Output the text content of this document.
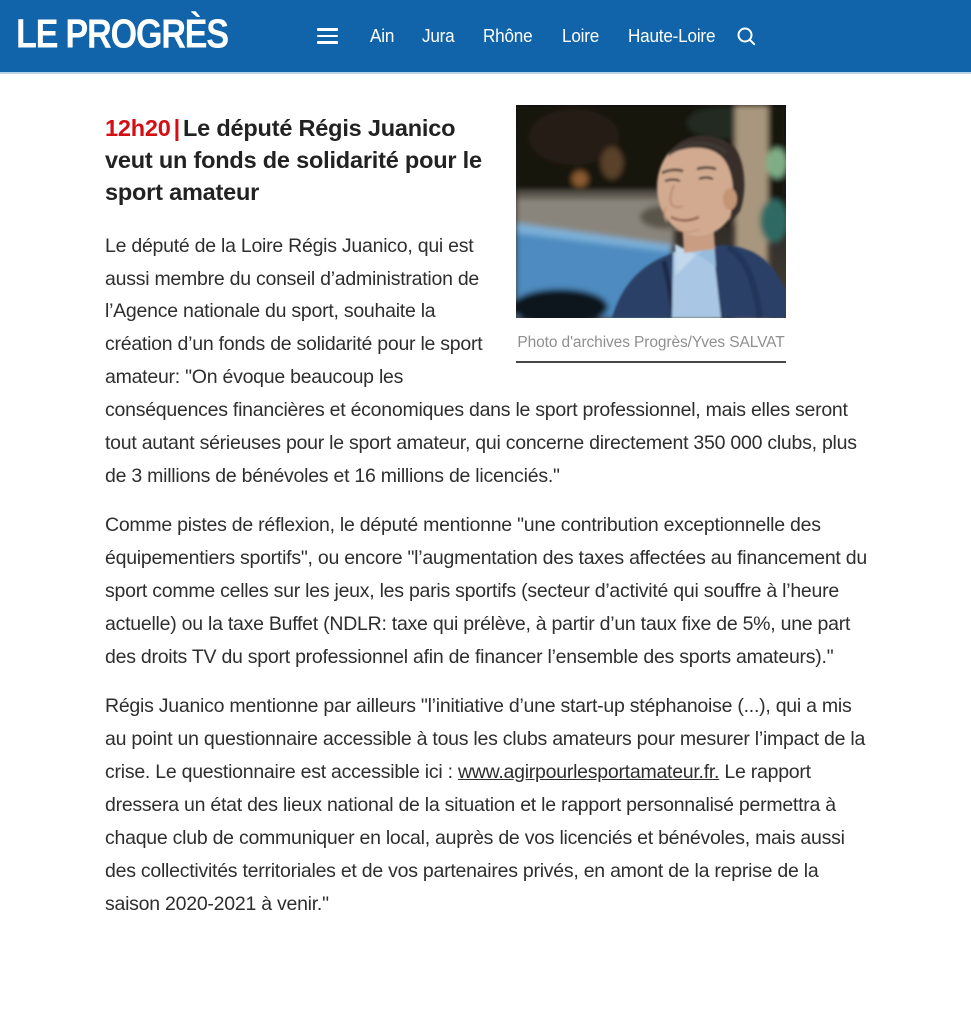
LE PROGRÈS	Ain Jura Rhône Loire Haute-Loire
Photo d'archives Progrès/Yves SALVAT
12h20 | Le député Régis Juanico veut un fonds de solidarité pour le sport amateur

Le député de la Loire Régis Juanico, qui est aussi membre du conseil d’administration de l’Agence nationale du sport, souhaite la création d’un fonds de solidarité pour le sport amateur: "On évoque beaucoup les conséquences financières et économiques dans le sport professionnel, mais elles seront tout autant sérieuses pour le sport amateur, qui concerne directement 350 000 clubs, plus de 3 millions de bénévoles et 16 millions de licenciés."

Comme pistes de réflexion, le député mentionne "une contribution exceptionnelle des équipementiers sportifs", ou encore "l’augmentation des taxes affectées au financement du sport comme celles sur les jeux, les paris sportifs (secteur d’activité qui souffre à l’heure actuelle) ou la taxe Buffet (NDLR: taxe qui prélève, à partir d’un taux fixe de 5%, une part des droits TV du sport professionnel afin de financer l’ensemble des sports amateurs)."

Régis Juanico mentionne par ailleurs "l’initiative d’une start-up stéphanoise (...), qui a mis au point un questionnaire accessible à tous les clubs amateurs pour mesurer l’impact de la crise. Le questionnaire est accessible ici : www.agirpourlesportamateur.fr. Le rapport dressera un état des lieux national de la situation et le rapport personnalisé permettra à chaque club de communiquer en local, auprès de vos licenciés et bénévoles, mais aussi des collectivités territoriales et de vos partenaires privés, en amont de la reprise de la saison 2020-2021 à venir."
